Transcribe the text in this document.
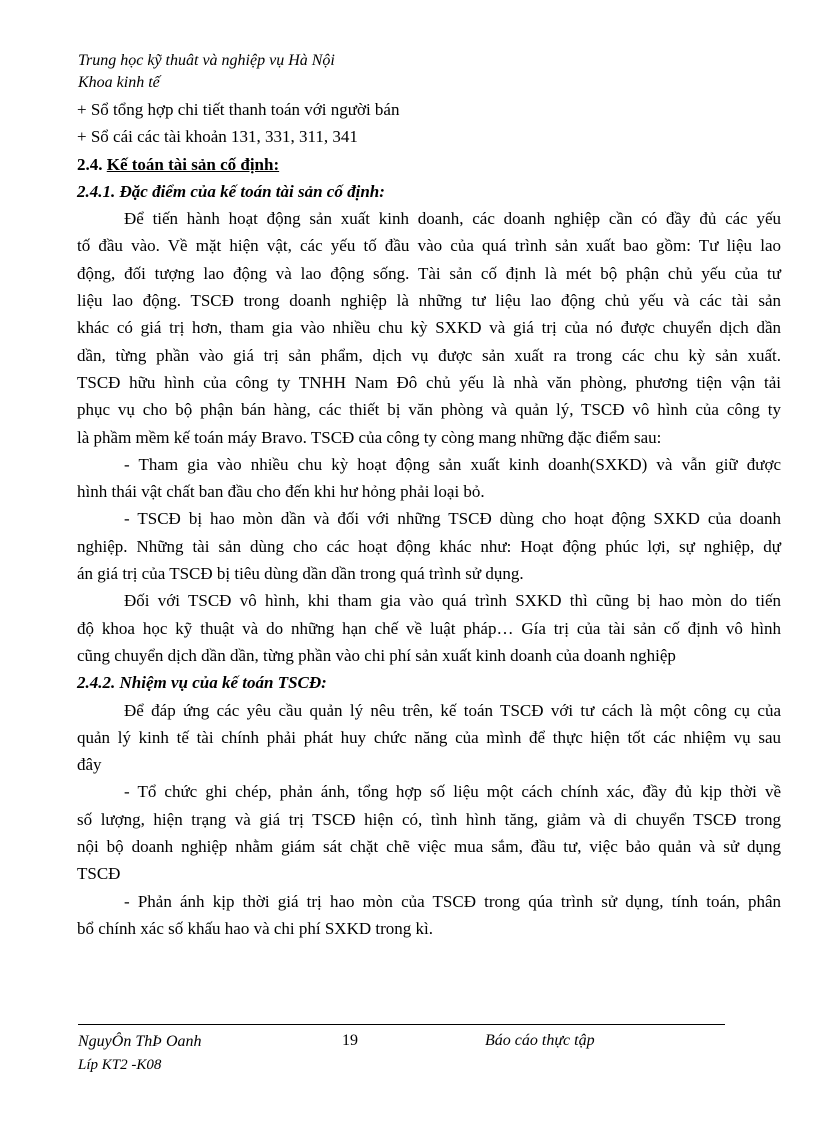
Trung học kỹ thuât và nghiệp vụ Hà Nội
Khoa kinh tế
+ Sổ tổng hợp chi tiết thanh toán với người bán
+ Sổ cái các tài khoản 131, 331, 311, 341
2.4. Kế toán tài sản cố định:
2.4.1. Đặc điểm của kế toán tài sản cố định:
Để tiến hành hoạt động sản xuất kinh doanh, các doanh nghiệp cần có đầy đủ các yếu
tố đầu vào. Về mặt hiện vật, các yếu tố đầu vào của quá trình sản xuất bao gồm: Tư liệu lao
động, đối tượng lao động và lao động sống. Tài sản cố định là mét bộ phận chủ yếu của tư
liệu lao động. TSCĐ trong doanh nghiệp là những tư liệu lao động chủ yếu và các tài sản
khác có giá trị hơn, tham gia vào nhiều chu kỳ SXKD và giá trị của nó được chuyển dịch dần
dần, từng phần vào giá trị sản phẩm, dịch vụ được sản xuất ra trong các chu kỳ sản xuất.
TSCĐ hữu hình của công ty TNHH Nam Đô chủ yếu là nhà văn phòng, phương tiện vận tải
phục vụ cho bộ phận bán hàng, các thiết bị văn phòng và quản lý, TSCĐ vô hình của công ty
là phầm mềm kế toán máy Bravo. TSCĐ của công ty còng mang những đặc điểm sau:
- Tham gia vào nhiều chu kỳ hoạt động sản xuất kinh doanh(SXKD) và vẫn giữ được
hình thái vật chất ban đầu cho đến khi hư hỏng phải loại bỏ.
- TSCĐ bị hao mòn dần và đối với những TSCĐ dùng cho hoạt động SXKD của doanh
nghiệp. Những tài sản dùng cho các hoạt động khác như: Hoạt động phúc lợi, sự nghiệp, dự
án giá trị của TSCĐ bị tiêu dùng dần dần trong quá trình sử dụng.
Đối với TSCĐ vô hình, khi tham gia vào quá trình SXKD thì cũng bị hao mòn do tiến
độ khoa học kỹ thuật và do những hạn chế về luật pháp… Gía trị của tài sản cố định vô hình
cũng chuyển dịch dần dần, từng phần vào chi phí sản xuất kinh doanh của doanh nghiệp
2.4.2. Nhiệm vụ của kế toán TSCĐ:
Để đáp ứng các yêu cầu quản lý nêu trên, kế toán TSCĐ với tư cách là một công cụ của
quản lý kinh tế tài chính phải phát huy chức năng của mình để thực hiện tốt các nhiệm vụ sau
đây
- Tổ chức ghi chép, phản ánh, tổng hợp số liệu một cách chính xác, đầy đủ kịp thời về
số lượng, hiện trạng và giá trị TSCĐ hiện có, tình hình tăng, giảm và di chuyển TSCĐ trong
nội bộ doanh nghiệp nhằm giám sát chặt chẽ việc mua sắm, đầu tư, việc bảo quản và sử dụng
TSCĐ
- Phản ánh kịp thời giá trị hao mòn của TSCĐ trong qúa trình sử dụng, tính toán, phân
bổ chính xác số khấu hao và chi phí SXKD trong kì.
NguyÔn ThÞ Oanh
Líp KT2 -K08
19	Báo cáo thực tập
